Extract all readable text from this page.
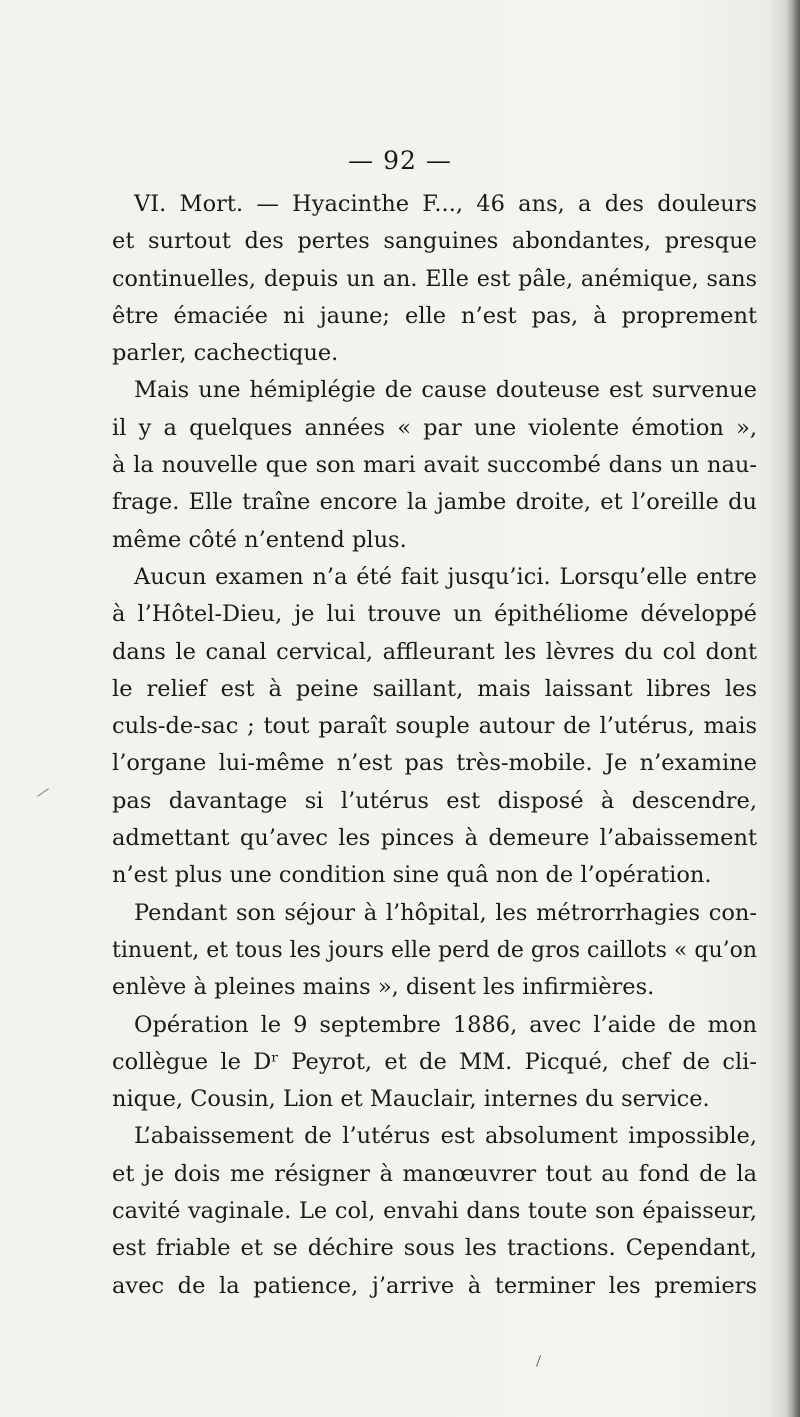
— 92 —
VI. Mort. — Hyacinthe F..., 46 ans, a des douleurs
et surtout des pertes sanguines abondantes, presque
continuelles, depuis un an. Elle est pâle, anémique, sans
être émaciée ni jaune; elle n’est pas, à proprement
parler, cachectique.
Mais une hémiplégie de cause douteuse est survenue
il y a quelques années « par une violente émotion »,
à la nouvelle que son mari avait succombé dans un nau-
frage. Elle traîne encore la jambe droite, et l’oreille du
même côté n’entend plus.
Aucun examen n’a été fait jusqu’ici. Lorsqu’elle entre
à l’Hôtel-Dieu, je lui trouve un épithéliome développé
dans le canal cervical, affleurant les lèvres du col dont
le relief est à peine saillant, mais laissant libres les
culs-de-sac ; tout paraît souple autour de l’utérus, mais
l’organe lui-même n’est pas très-mobile. Je n’examine
pas davantage si l’utérus est disposé à descendre,
admettant qu’avec les pinces à demeure l’abaissement
n’est plus une condition sine quâ non de l’opération.
Pendant son séjour à l’hôpital, les métrorrhagies con-
tinuent, et tous les jours elle perd de gros caillots « qu’on
enlève à pleines mains », disent les infirmières.
Opération le 9 septembre 1886, avec l’aide de mon
collègue le Dʳ Peyrot, et de MM. Picqué, chef de cli-
nique, Cousin, Lion et Mauclair, internes du service.
L’abaissement de l’utérus est absolument impossible,
et je dois me résigner à manœuvrer tout au fond de la
cavité vaginale. Le col, envahi dans toute son épaisseur,
est friable et se déchire sous les tractions. Cependant,
avec de la patience, j’arrive à terminer les premiers
